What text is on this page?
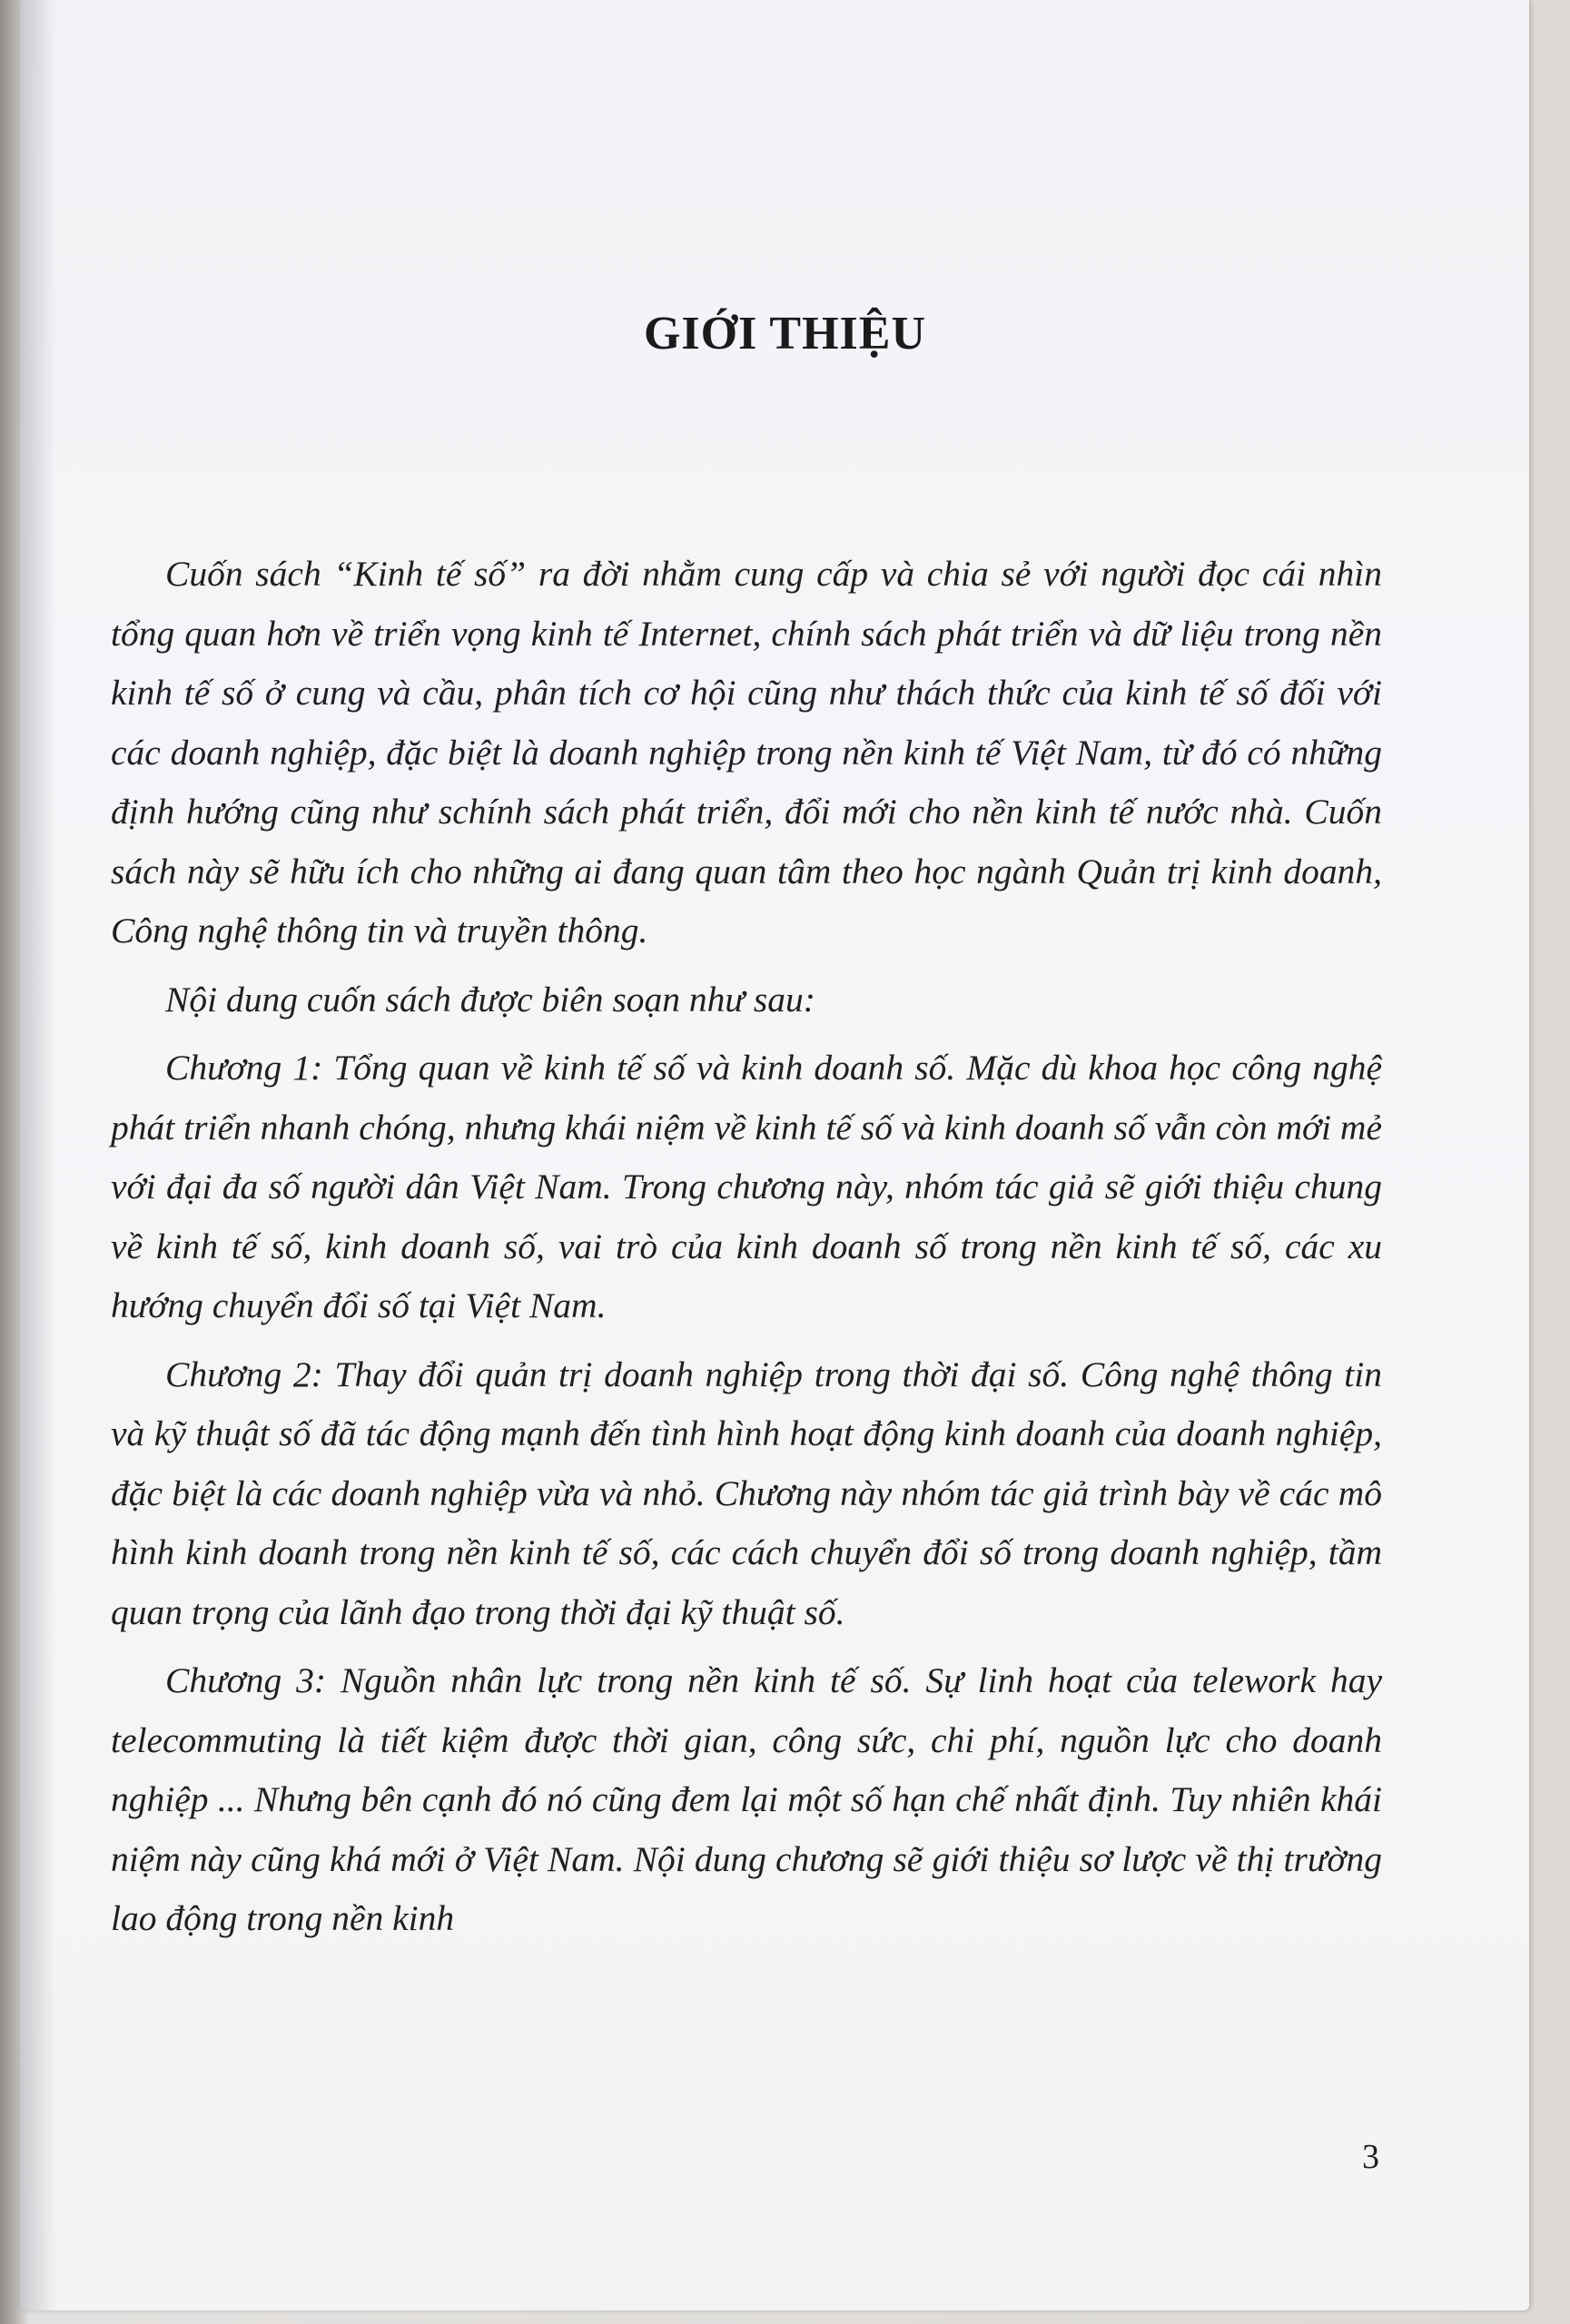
GIỚI THIỆU

Cuốn sách “Kinh tế số” ra đời nhằm cung cấp và chia sẻ với người đọc cái nhìn tổng quan hơn về triển vọng kinh tế Internet, chính sách phát triển và dữ liệu trong nền kinh tế số ở cung và cầu, phân tích cơ hội cũng như thách thức của kinh tế số đối với các doanh nghiệp, đặc biệt là doanh nghiệp trong nền kinh tế Việt Nam, từ đó có những định hướng cũng như schính sách phát triển, đổi mới cho nền kinh tế nước nhà. Cuốn sách này sẽ hữu ích cho những ai đang quan tâm theo học ngành Quản trị kinh doanh, Công nghệ thông tin và truyền thông.

Nội dung cuốn sách được biên soạn như sau:

Chương 1: Tổng quan về kinh tế số và kinh doanh số. Mặc dù khoa học công nghệ phát triển nhanh chóng, nhưng khái niệm về kinh tế số và kinh doanh số vẫn còn mới mẻ với đại đa số người dân Việt Nam. Trong chương này, nhóm tác giả sẽ giới thiệu chung về kinh tế số, kinh doanh số, vai trò của kinh doanh số trong nền kinh tế số, các xu hướng chuyển đổi số tại Việt Nam.

Chương 2: Thay đổi quản trị doanh nghiệp trong thời đại số. Công nghệ thông tin và kỹ thuật số đã tác động mạnh đến tình hình hoạt động kinh doanh của doanh nghiệp, đặc biệt là các doanh nghiệp vừa và nhỏ. Chương này nhóm tác giả trình bày về các mô hình kinh doanh trong nền kinh tế số, các cách chuyển đổi số trong doanh nghiệp, tầm quan trọng của lãnh đạo trong thời đại kỹ thuật số.

Chương 3: Nguồn nhân lực trong nền kinh tế số. Sự linh hoạt của telework hay telecommuting là tiết kiệm được thời gian, công sức, chi phí, nguồn lực cho doanh nghiệp ... Nhưng bên cạnh đó nó cũng đem lại một số hạn chế nhất định. Tuy nhiên khái niệm này cũng khá mới ở Việt Nam. Nội dung chương sẽ giới thiệu sơ lược về thị trường lao động trong nền kinh

3
